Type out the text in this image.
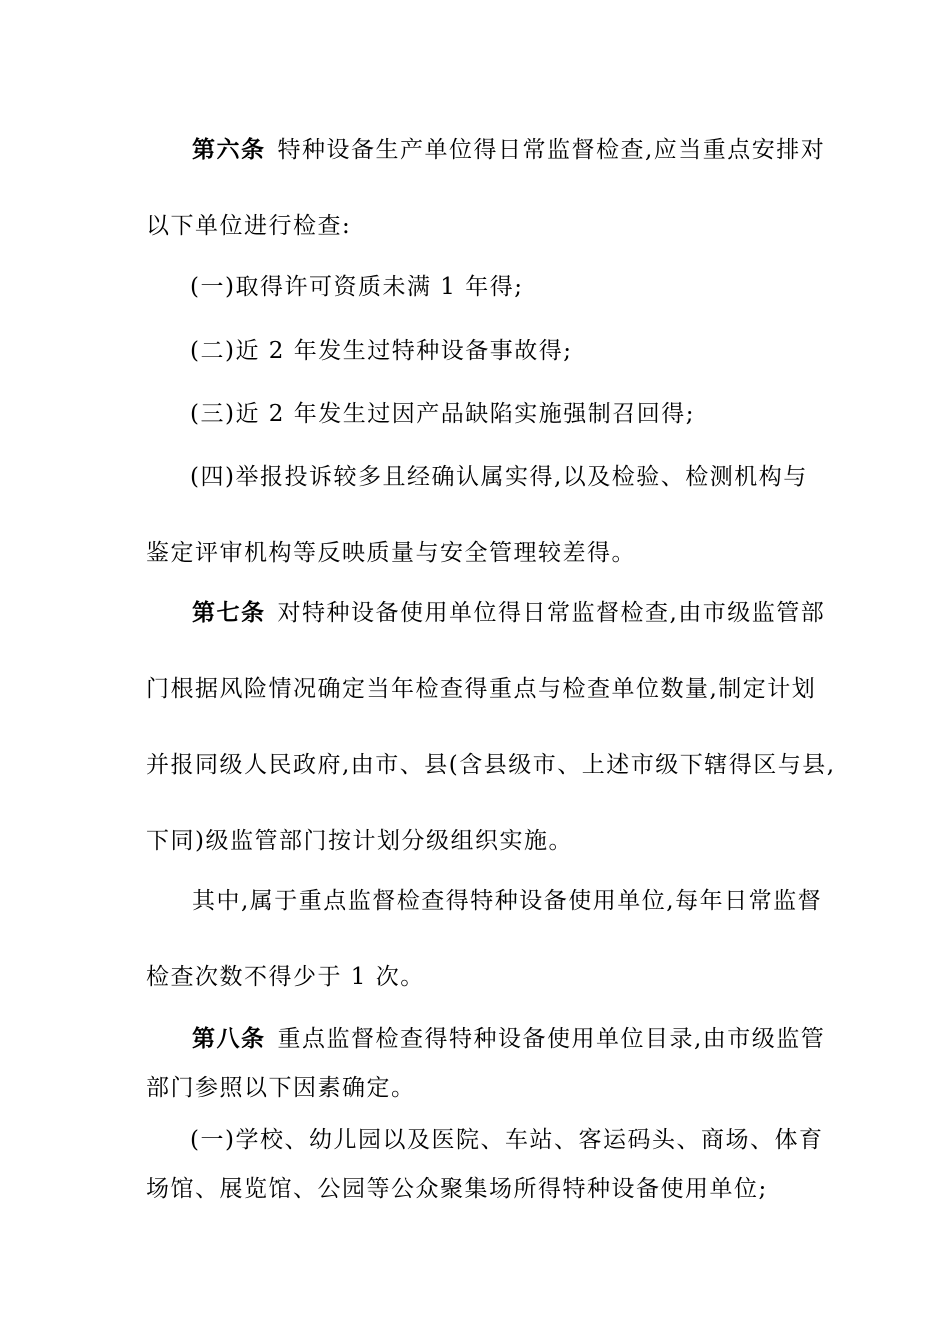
第六条 特种设备生产单位得日常监督检查,应当重点安排对
以下单位进行检查:
(一)取得许可资质未满 1 年得;
(二)近 2 年发生过特种设备事故得;
(三)近 2 年发生过因产品缺陷实施强制召回得;
(四)举报投诉较多且经确认属实得,以及检验、检测机构与
鉴定评审机构等反映质量与安全管理较差得。
第七条 对特种设备使用单位得日常监督检查,由市级监管部
门根据风险情况确定当年检查得重点与检查单位数量,制定计划
并报同级人民政府,由市、县(含县级市、上述市级下辖得区与县,
下同)级监管部门按计划分级组织实施。
其中,属于重点监督检查得特种设备使用单位,每年日常监督
检查次数不得少于 1 次。
第八条 重点监督检查得特种设备使用单位目录,由市级监管
部门参照以下因素确定。
(一)学校、幼儿园以及医院、车站、客运码头、商场、体育
场馆、展览馆、公园等公众聚集场所得特种设备使用单位;
